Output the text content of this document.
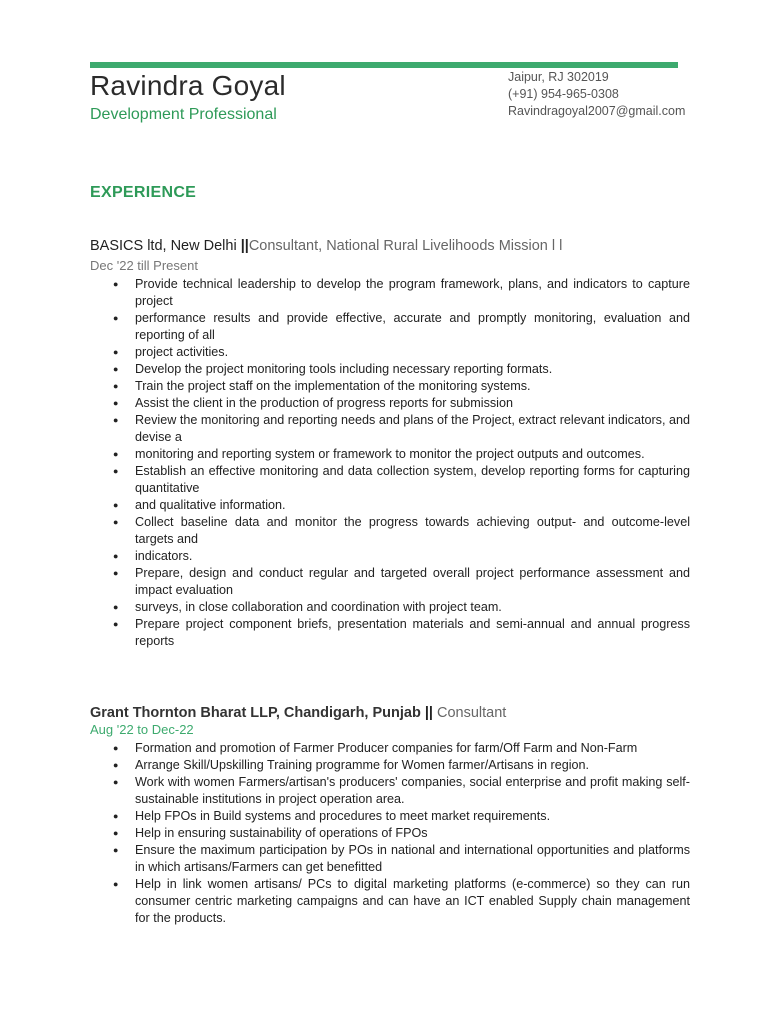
Ravindra Goyal
Development Professional
Jaipur, RJ 302019
(+91) 954-965-0308
Ravindragoyal2007@gmail.com
EXPERIENCE
BASICS ltd, New Delhi ||Consultant, National Rural Livelihoods Mission l l
Dec '22 till Present
● Provide technical leadership to develop the program framework, plans, and indicators to capture project
● performance results and provide effective, accurate and promptly monitoring, evaluation and reporting of all
● project activities.
● Develop the project monitoring tools including necessary reporting formats.
● Train the project staff on the implementation of the monitoring systems.
● Assist the client in the production of progress reports for submission
● Review the monitoring and reporting needs and plans of the Project, extract relevant indicators, and devise a
● monitoring and reporting system or framework to monitor the project outputs and outcomes.
● Establish an effective monitoring and data collection system, develop reporting forms for capturing quantitative
● and qualitative information.
● Collect baseline data and monitor the progress towards achieving output- and outcome-level targets and
● indicators.
● Prepare, design and conduct regular and targeted overall project performance assessment and impact evaluation
● surveys, in close collaboration and coordination with project team.
● Prepare project component briefs, presentation materials and semi-annual and annual progress reports
Grant Thornton Bharat LLP, Chandigarh, Punjab || Consultant
Aug '22 to Dec-22
● Formation and promotion of Farmer Producer companies for farm/Off Farm and Non-Farm
● Arrange Skill/Upskilling Training programme for Women farmer/Artisans in region.
● Work with women Farmers/artisan's producers' companies, social enterprise and profit making self-sustainable institutions in project operation area.
● Help FPOs in Build systems and procedures to meet market requirements.
● Help in ensuring sustainability of operations of FPOs
● Ensure the maximum participation by POs in national and international opportunities and platforms in which artisans/Farmers can get benefitted
● Help in link women artisans/ PCs to digital marketing platforms (e-commerce) so they can run consumer centric marketing campaigns and can have an ICT enabled Supply chain management for the products.
